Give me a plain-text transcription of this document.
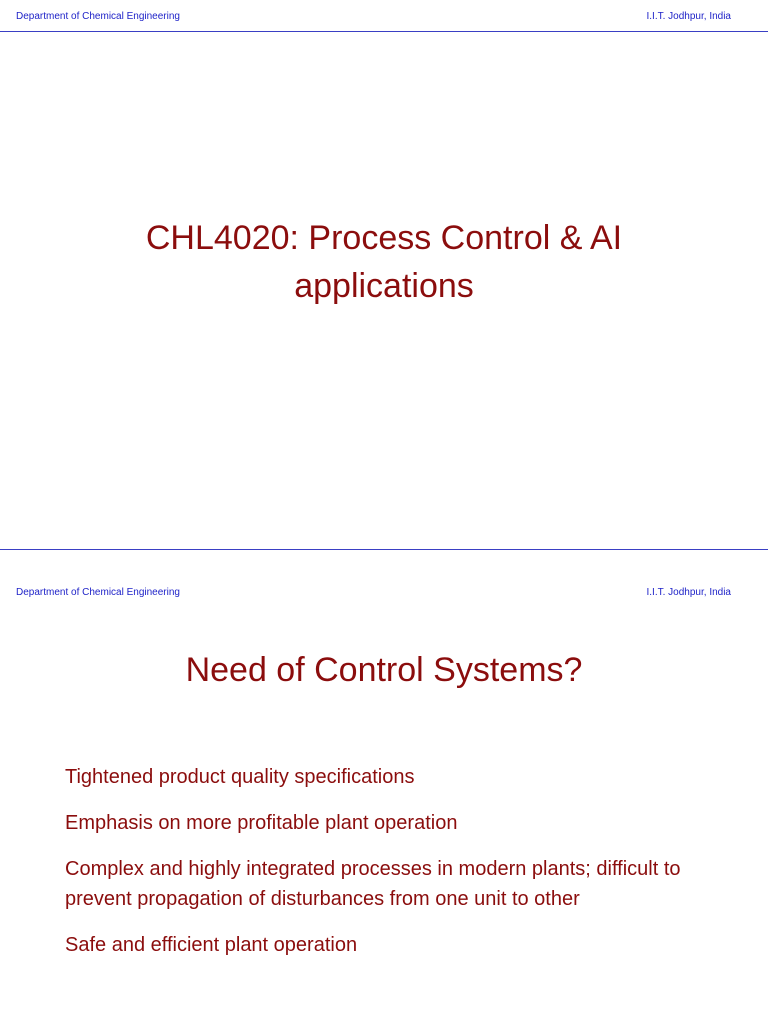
Department of Chemical Engineering	I.I.T. Jodhpur, India
CHL4020: Process Control & AI
applications
Department of Chemical Engineering	I.I.T. Jodhpur, India
Need of Control Systems?
Tightened product quality specifications
Emphasis on more profitable plant operation
Complex and highly integrated processes in modern plants; difficult to prevent propagation of disturbances from one unit to other
Safe and efficient plant operation
